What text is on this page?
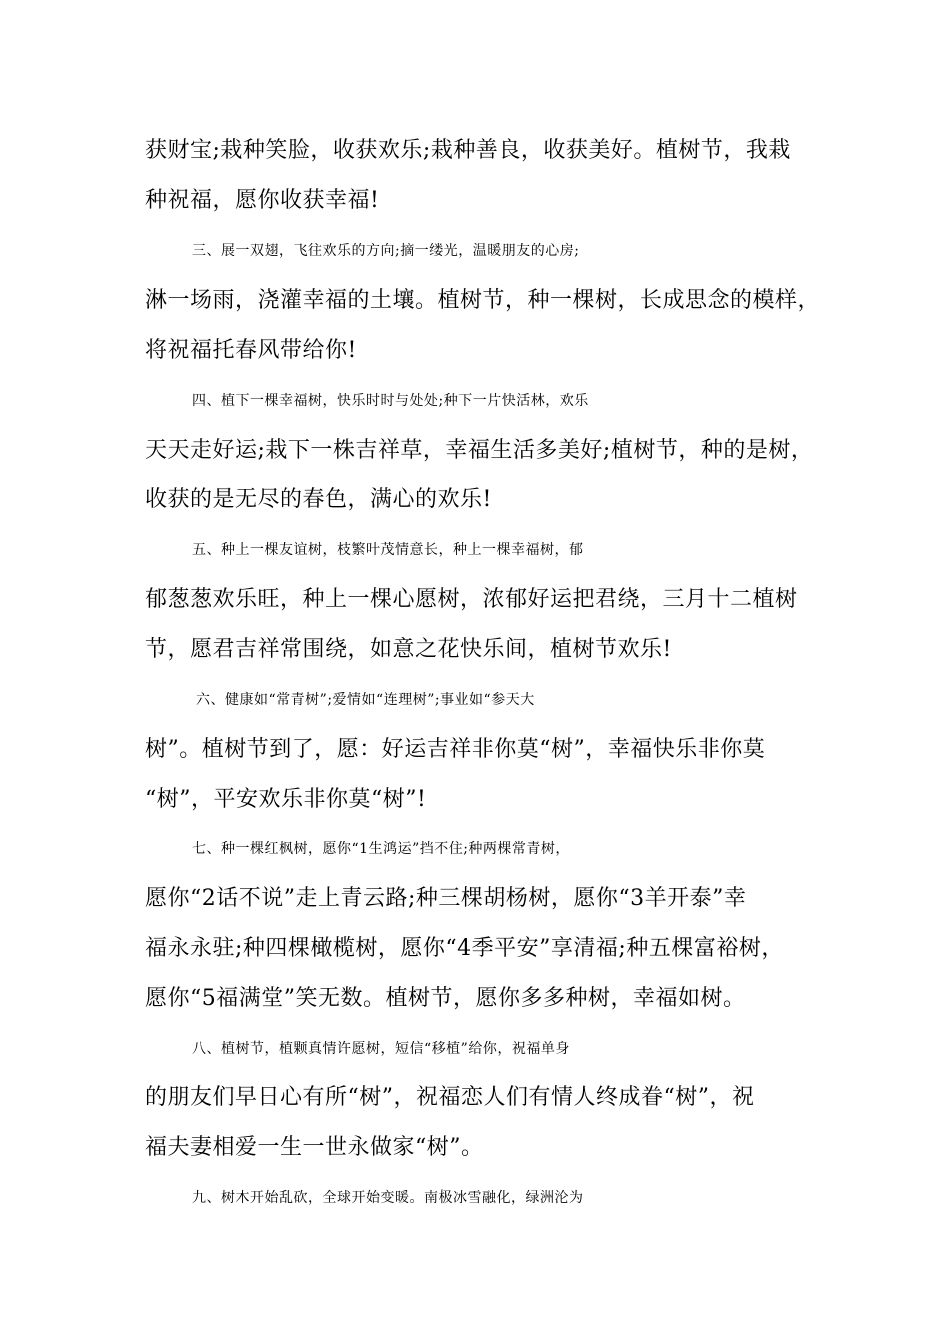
获财宝;栽种笑脸，收获欢乐;栽种善良，收获美好。植树节，我栽
种祝福，愿你收获幸福!
三、展一双翅，飞往欢乐的方向;摘一缕光，温暖朋友的心房;
淋一场雨，浇灌幸福的土壤。植树节，种一棵树，长成思念的模样，
将祝福托春风带给你!
四、植下一棵幸福树，快乐时时与处处;种下一片快活林，欢乐
天天走好运;栽下一株吉祥草，幸福生活多美好;植树节，种的是树，
收获的是无尽的春色，满心的欢乐!
五、种上一棵友谊树，枝繁叶茂情意长，种上一棵幸福树，郁
郁葱葱欢乐旺，种上一棵心愿树，浓郁好运把君绕，三月十二植树
节，愿君吉祥常围绕，如意之花快乐间，植树节欢乐!
六、健康如“常青树”;爱情如“连理树”;事业如“参天大
树”。植树节到了，愿：好运吉祥非你莫“树”，幸福快乐非你莫
“树”，平安欢乐非你莫“树”!
七、种一棵红枫树，愿你“1生鸿运”挡不住;种两棵常青树，
愿你“2话不说”走上青云路;种三棵胡杨树，愿你“3羊开泰”幸
福永永驻;种四棵橄榄树，愿你“4季平安”享清福;种五棵富裕树，
愿你“5福满堂”笑无数。植树节，愿你多多种树，幸福如树。
八、植树节，植颗真情许愿树，短信“移植”给你，祝福单身
的朋友们早日心有所“树”，祝福恋人们有情人终成眷“树”，祝
福夫妻相爱一生一世永做家“树”。
九、树木开始乱砍，全球开始变暖。南极冰雪融化，绿洲沦为
